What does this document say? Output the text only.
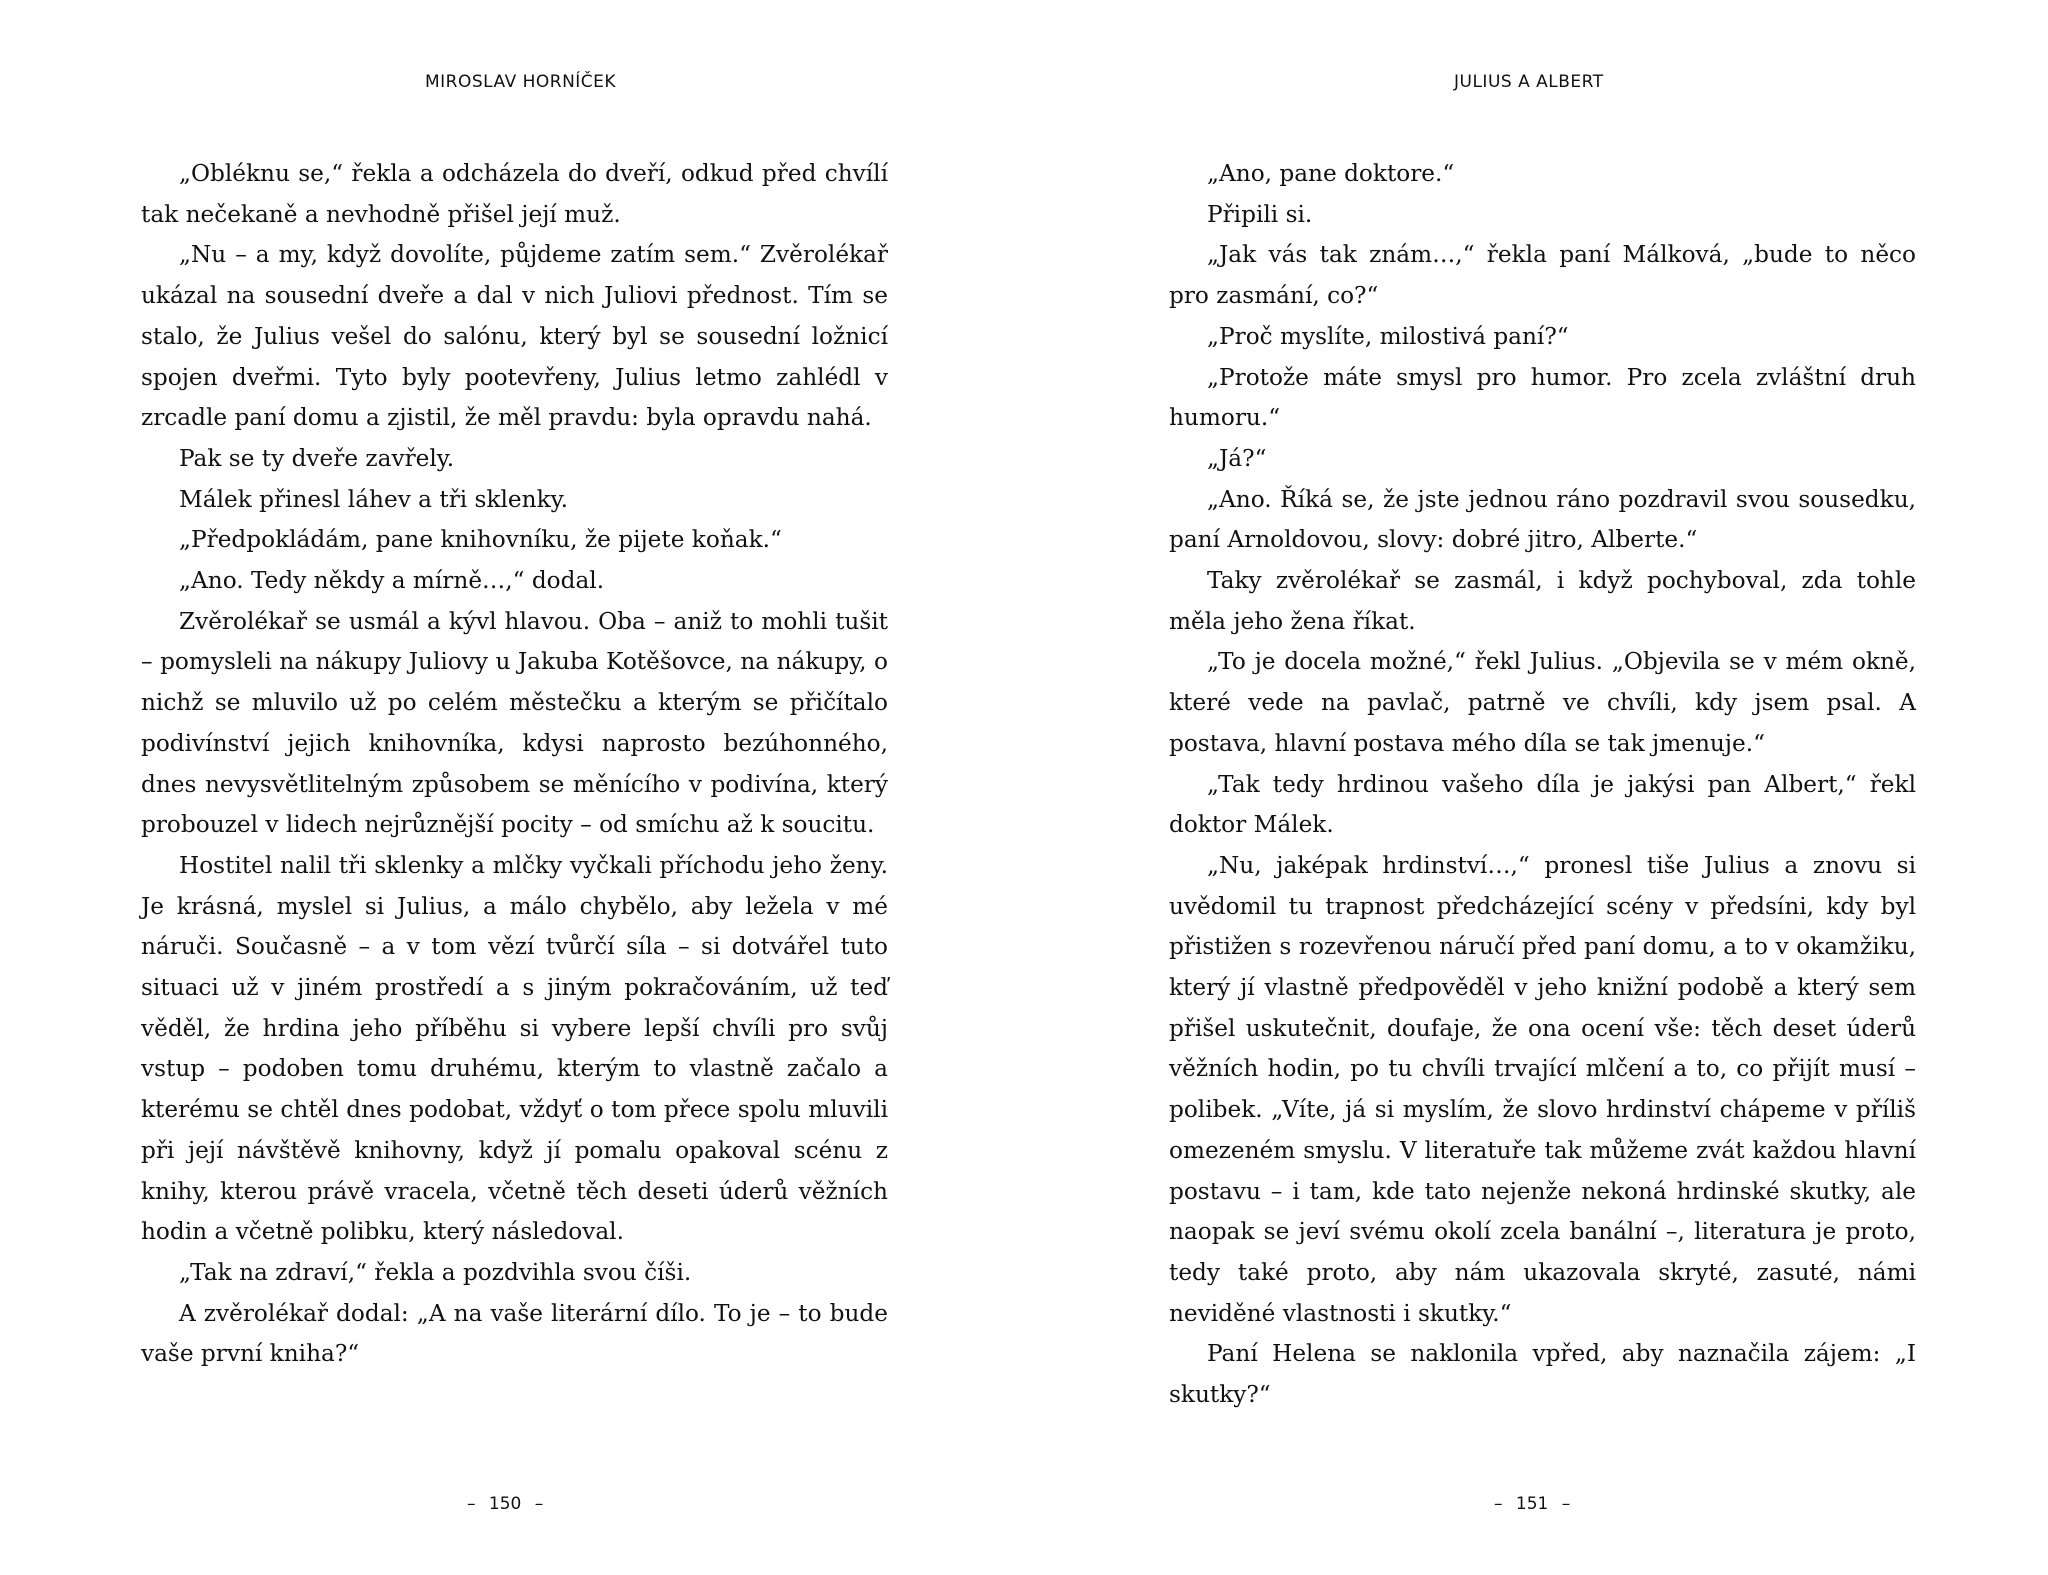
MIROSLAV HORNÍČEK

„Obléknu se,“ řekla a odcházela do dveří, odkud před chvílí tak nečekaně a nevhodně přišel její muž.

„Nu – a my, když dovolíte, půjdeme zatím sem.“ Zvěrolékař ukázal na sousední dveře a dal v nich Juliovi přednost. Tím se stalo, že Julius vešel do salónu, který byl se sousední ložnicí spojen dveřmi. Tyto byly pootevřeny, Julius letmo zahlédl v zrcadle paní domu a zjistil, že měl pravdu: byla opravdu nahá.

Pak se ty dveře zavřely.

Málek přinesl láhev a tři sklenky.

„Předpokládám, pane knihovníku, že pijete koňak.“

„Ano. Tedy někdy a mírně…,“ dodal.

Zvěrolékař se usmál a kývl hlavou. Oba – aniž to mohli tušit – pomysleli na nákupy Juliovy u Jakuba Kotěšovce, na nákupy, o nichž se mluvilo už po celém městečku a kterým se přičítalo podivínství jejich knihovníka, kdysi naprosto bezúhonného, dnes nevysvětlitelným způsobem se měnícího v podivína, který probouzel v lidech nejrůznější pocity – od smíchu až k soucitu.

Hostitel nalil tři sklenky a mlčky vyčkali příchodu jeho ženy. Je krásná, myslel si Julius, a málo chybělo, aby ležela v mé náruči. Současně – a v tom vězí tvůrčí síla – si dotvářel tuto situaci už v jiném prostředí a s jiným pokračováním, už teď věděl, že hrdina jeho příběhu si vybere lepší chvíli pro svůj vstup – podoben tomu druhému, kterým to vlastně začalo a kterému se chtěl dnes podobat, vždyť o tom přece spolu mluvili při její návštěvě knihovny, když jí pomalu opakoval scénu z knihy, kterou právě vracela, včetně těch deseti úderů věžních hodin a včetně polibku, který následoval.

„Tak na zdraví,“ řekla a pozdvihla svou číši.

A zvěrolékař dodal: „A na vaše literární dílo. To je – to bude vaše první kniha?“

– 150 –
JULIUS A ALBERT

„Ano, pane doktore.“

Připili si.

„Jak vás tak znám…,“ řekla paní Málková, „bude to něco pro zasmání, co?“

„Proč myslíte, milostivá paní?“

„Protože máte smysl pro humor. Pro zcela zvláštní druh humoru.“

„Já?“

„Ano. Říká se, že jste jednou ráno pozdravil svou sousedku, paní Arnoldovou, slovy: dobré jitro, Alberte.“

Taky zvěrolékař se zasmál, i když pochyboval, zda tohle měla jeho žena říkat.

„To je docela možné,“ řekl Julius. „Objevila se v mém okně, které vede na pavlač, patrně ve chvíli, kdy jsem psal. A postava, hlavní postava mého díla se tak jmenuje.“

„Tak tedy hrdinou vašeho díla je jakýsi pan Albert,“ řekl doktor Málek.

„Nu, jaképak hrdinství…,“ pronesl tiše Julius a znovu si uvědomil tu trapnost předcházející scény v předsíni, kdy byl přistižen s rozevřenou náručí před paní domu, a to v okamžiku, který jí vlastně předpověděl v jeho knižní podobě a který sem přišel uskutečnit, doufaje, že ona ocení vše: těch deset úderů věžních hodin, po tu chvíli trvající mlčení a to, co přijít musí – polibek. „Víte, já si myslím, že slovo hrdinství chápeme v příliš omezeném smyslu. V literatuře tak můžeme zvát každou hlavní postavu – i tam, kde tato nejenže nekoná hrdinské skutky, ale naopak se jeví svému okolí zcela banální –, literatura je proto, tedy také proto, aby nám ukazovala skryté, zasuté, námi neviděné vlastnosti i skutky.“

Paní Helena se naklonila vpřed, aby naznačila zájem: „I skutky?“

– 151 –
